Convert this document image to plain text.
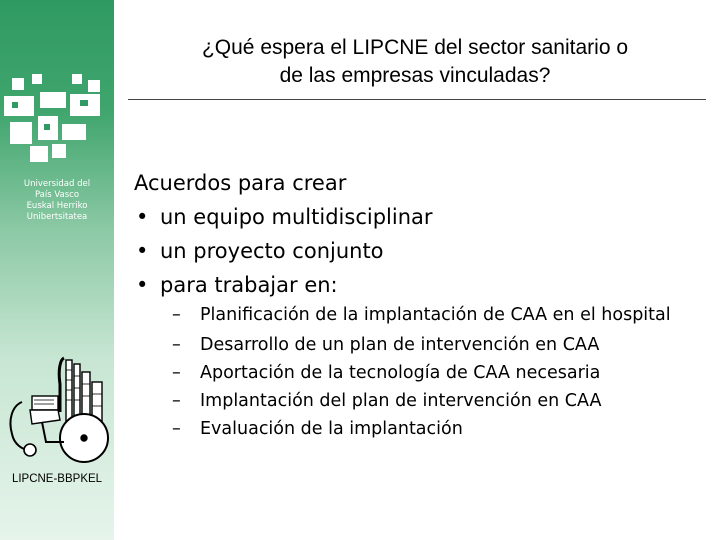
Universidad del
País Vasco
Euskal Herriko
Unibertsitatea
LIPCNE-BBPKEL
¿Qué espera el LIPCNE del sector sanitario o
de las empresas vinculadas?
Acuerdos para crear
• un equipo multidisciplinar
• un proyecto conjunto
• para trabajar en:
– Planificación de la implantación de CAA en el hospital
– Desarrollo de un plan de intervención en CAA
– Aportación de la tecnología de CAA necesaria
– Implantación del plan de intervención en CAA
– Evaluación de la implantación
